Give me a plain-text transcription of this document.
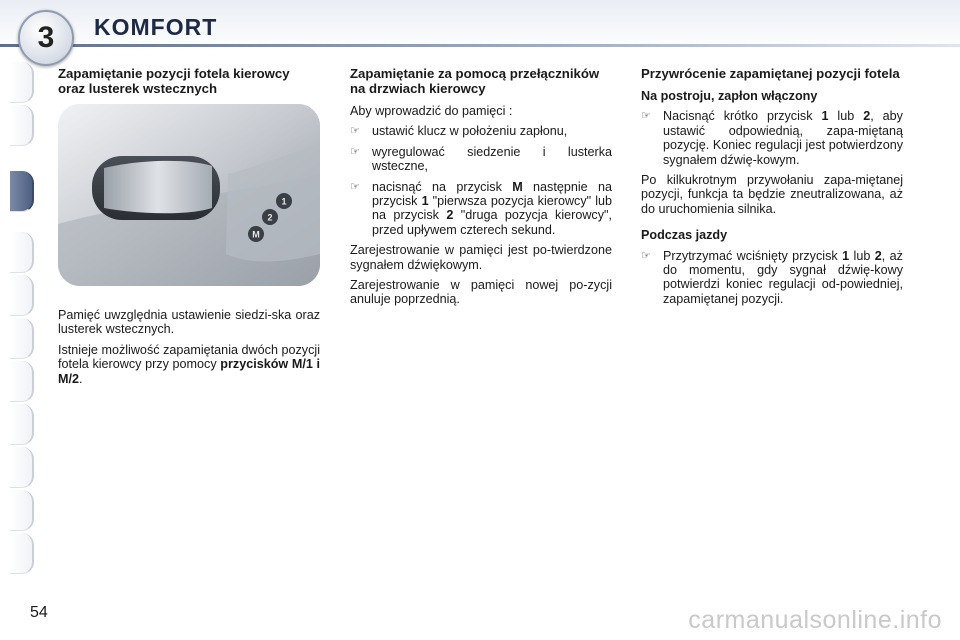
3	KOMFORT
Zapamiętanie pozycji fotela kierowcy oraz lusterek wstecznych
1
2
M
Pamięć uwzględnia ustawienie siedzi-ska oraz lusterek wstecznych.
Istnieje możliwość zapamiętania dwóch pozycji fotela kierowcy przy pomocy przycisków M/1 i M/2.
Zapamiętanie za pomocą przełączników na drzwiach kierowcy
Aby wprowadzić do pamięci :
☞ ustawić klucz w położeniu zapłonu,
☞ wyregulować siedzenie i lusterka wsteczne,
☞ nacisnąć na przycisk M następnie na przycisk 1 "pierwsza pozycja kierowcy" lub na przycisk 2 "druga pozycja kierowcy", przed upływem czterech sekund.
Zarejestrowanie w pamięci jest po-twierdzone sygnałem dźwiękowym.
Zarejestrowanie w pamięci nowej po-zycji anuluje poprzednią.
Przywrócenie zapamiętanej pozycji fotela
Na postroju, zapłon włączony
☞ Nacisnąć krótko przycisk 1 lub 2, aby ustawić odpowiednią, zapa-miętaną pozycję. Koniec regulacji jest potwierdzony sygnałem dźwię-kowym.
Po kilkukrotnym przywołaniu zapa-miętanej pozycji, funkcja ta będzie zneutralizowana, aż do uruchomienia silnika.
Podczas jazdy
☞ Przytrzymać wciśnięty przycisk 1 lub 2, aż do momentu, gdy sygnał dźwię-kowy potwierdzi koniec regulacji od-powiedniej, zapamiętanej pozycji.
54	carmanualsonline.info
